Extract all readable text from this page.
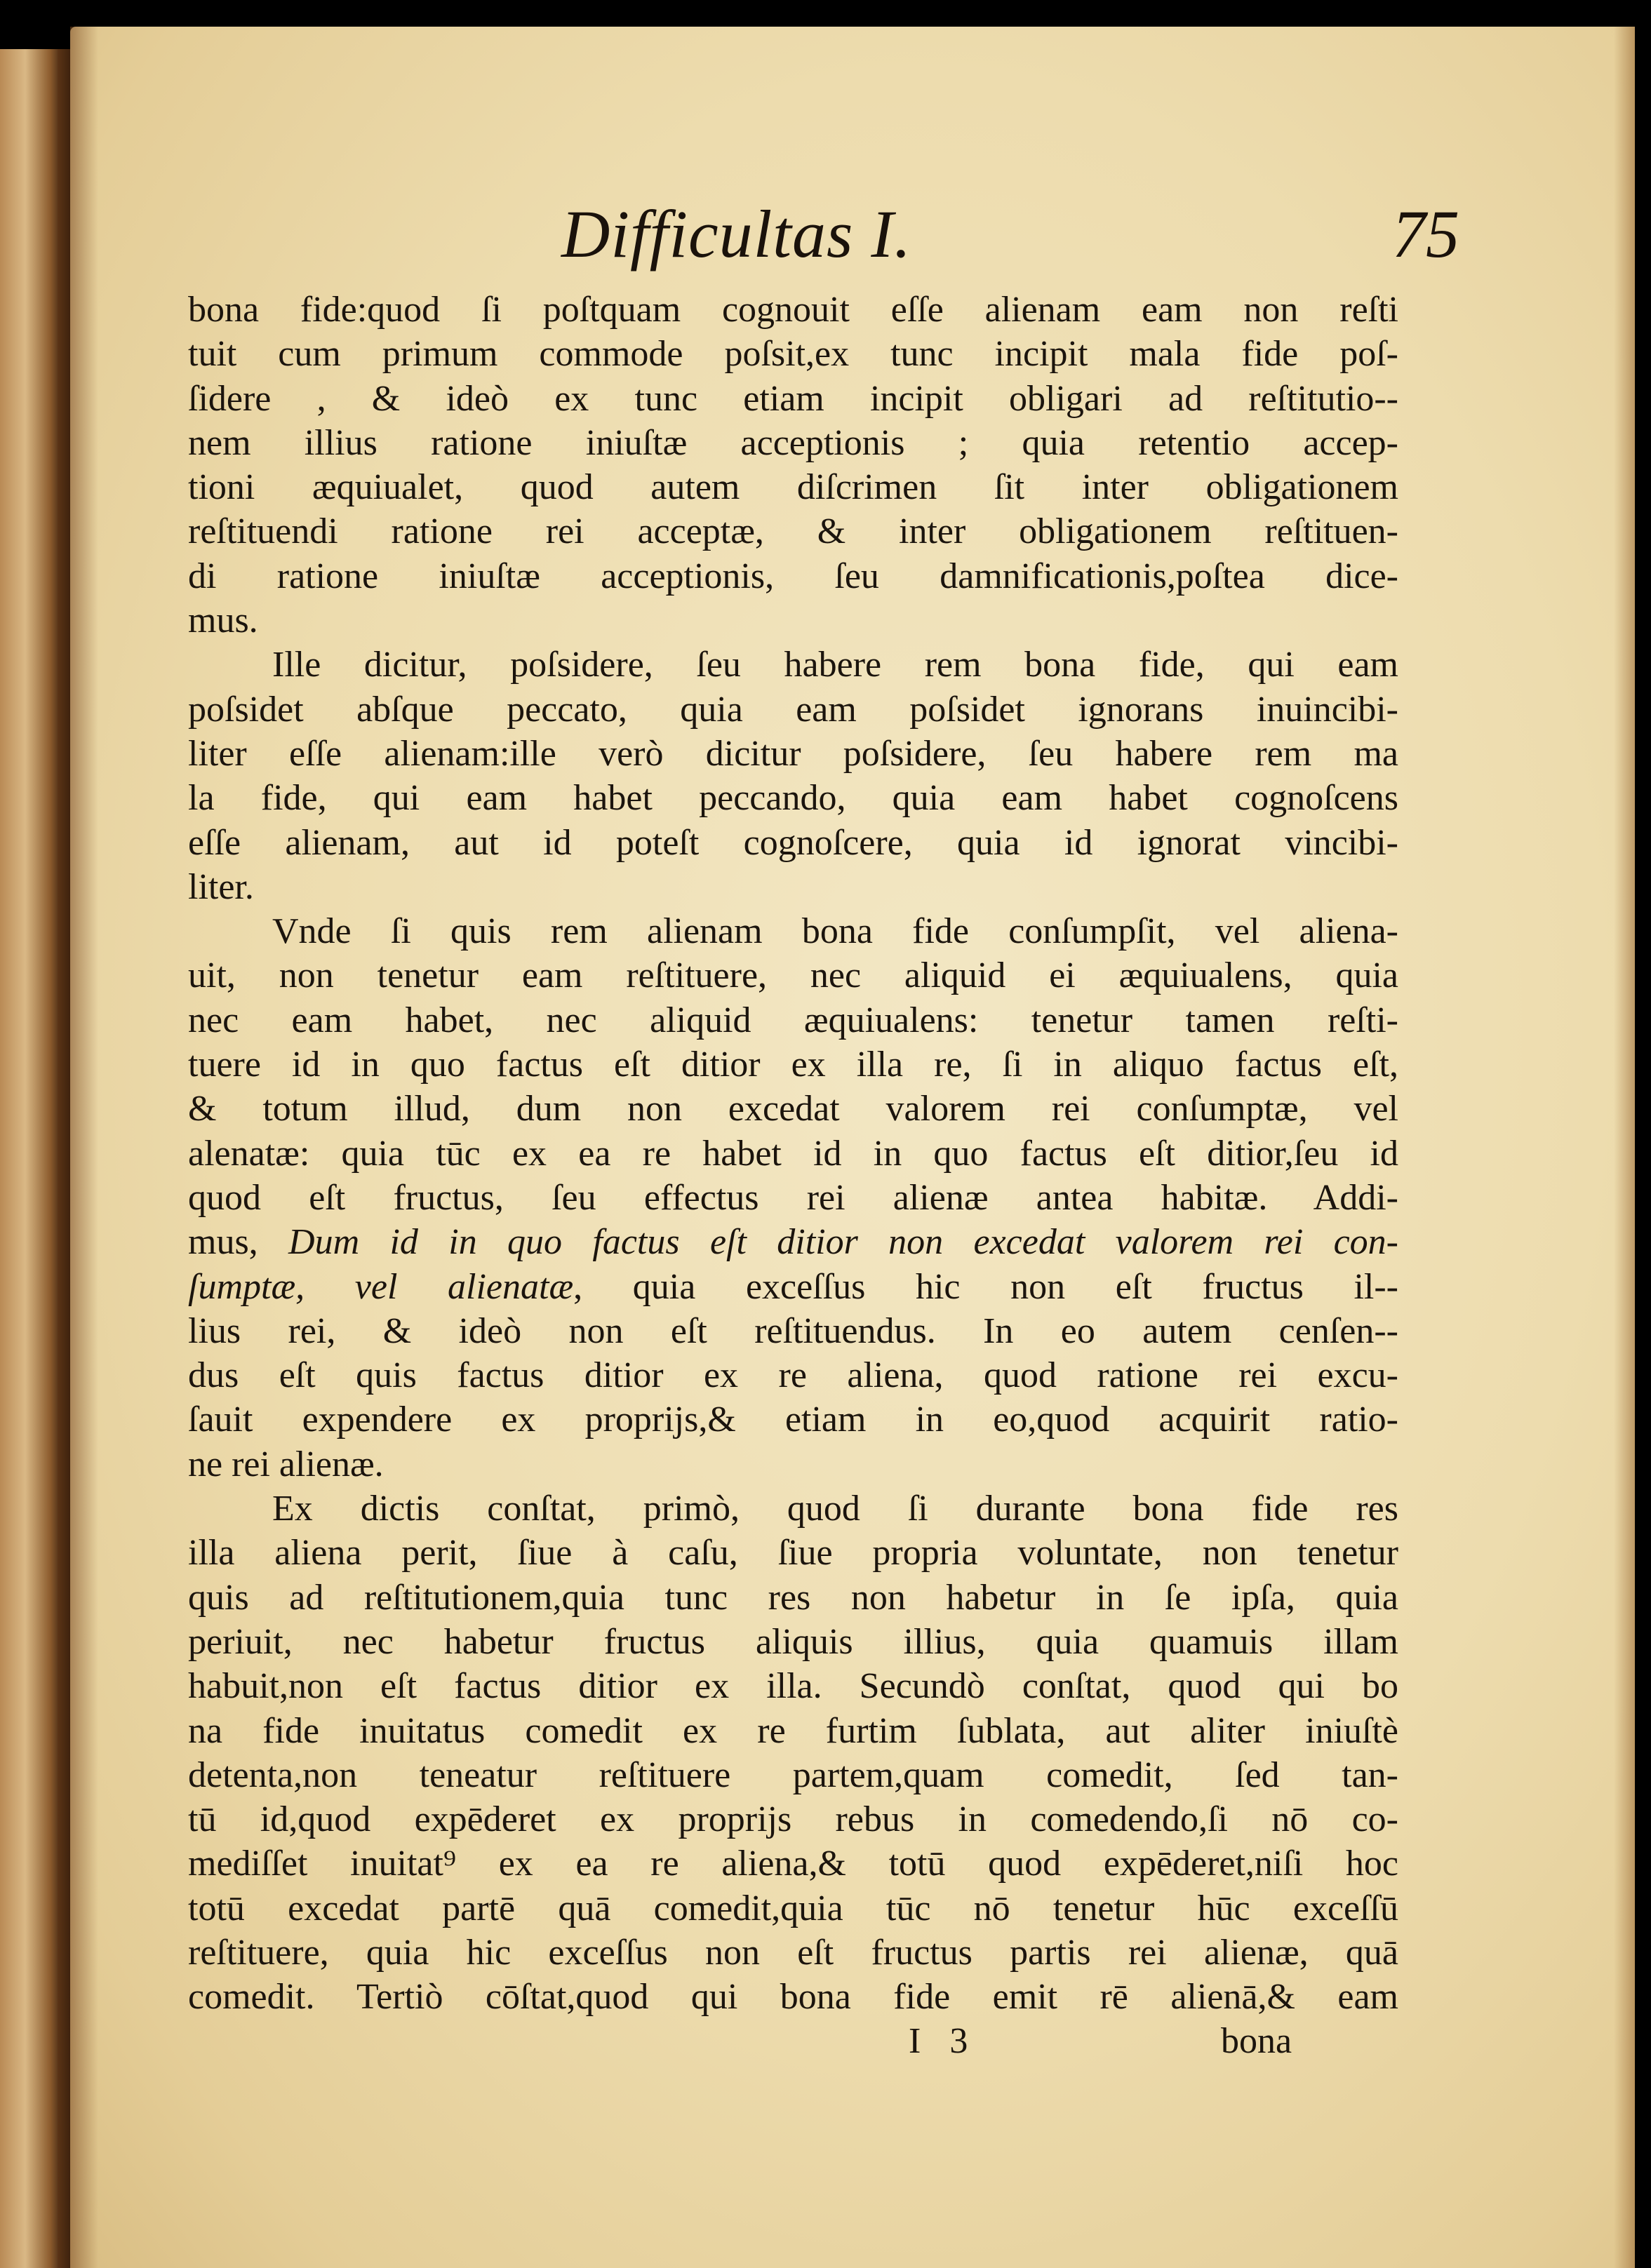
Difficultas I.	75
bona fide:quod ſi poſtquam cognouit eſſe alienam eam non reſti
tuit cum primum commode poſsit,ex tunc incipit mala fide poſ-
ſidere , & ideò ex tunc etiam incipit obligari ad reſtitutio--
nem illius ratione iniuſtæ acceptionis ; quia retentio accep-
tioni æquiualet, quod autem diſcrimen ſit inter obligationem
reſtituendi ratione rei acceptæ, & inter obligationem reſtituen-
di ratione iniuſtæ acceptionis, ſeu damnificationis,poſtea dice-
mus.
Ille dicitur, poſsidere, ſeu habere rem bona fide, qui eam
poſsidet abſque peccato, quia eam poſsidet ignorans inuincibi-
liter eſſe alienam:ille verò dicitur poſsidere, ſeu habere rem ma
la fide, qui eam habet peccando, quia eam habet cognoſcens
eſſe alienam, aut id poteſt cognoſcere, quia id ignorat vincibi-
liter.
Vnde ſi quis rem alienam bona fide conſumpſit, vel aliena-
uit, non tenetur eam reſtituere, nec aliquid ei æquiualens, quia
nec eam habet, nec aliquid æquiualens: tenetur tamen reſti-
tuere id in quo factus eſt ditior ex illa re, ſi in aliquo factus eſt,
& totum illud, dum non excedat valorem rei conſumptæ, vel
alenatæ: quia tūc ex ea re habet id in quo factus eſt ditior,ſeu id
quod eſt fructus, ſeu effectus rei alienæ antea habitæ. Addi-
mus, Dum id in quo factus eſt ditior non excedat valorem rei con-
ſumptæ, vel alienatæ, quia exceſſus hic non eſt fructus il--
lius rei, & ideò non eſt reſtituendus. In eo autem cenſen--
dus eſt quis factus ditior ex re aliena, quod ratione rei excu-
ſauit expendere ex proprijs,& etiam in eo,quod acquirit ratio-
ne rei alienæ.
Ex dictis conſtat, primò, quod ſi durante bona fide res
illa aliena perit, ſiue à caſu, ſiue propria voluntate, non tenetur
quis ad reſtitutionem,quia tunc res non habetur in ſe ipſa, quia
periuit, nec habetur fructus aliquis illius, quia quamuis illam
habuit,non eſt factus ditior ex illa. Secundò conſtat, quod qui bo
na fide inuitatus comedit ex re furtim ſublata, aut aliter iniuſtè
detenta,non teneatur reſtituere partem,quam comedit, ſed tan-
tū id,quod expēderet ex proprijs rebus in comedendo,ſi nō co-
mediſſet inuitat⁹ ex ea re aliena,& totū quod expēderet,niſi hoc
totū excedat partē quā comedit,quia tūc nō tenetur hūc exceſſū
reſtituere, quia hic exceſſus non eſt fructus partis rei alienæ, quā
comedit. Tertiò cōſtat,quod qui bona fide emit rē alienā,& eam
I 3	bona
